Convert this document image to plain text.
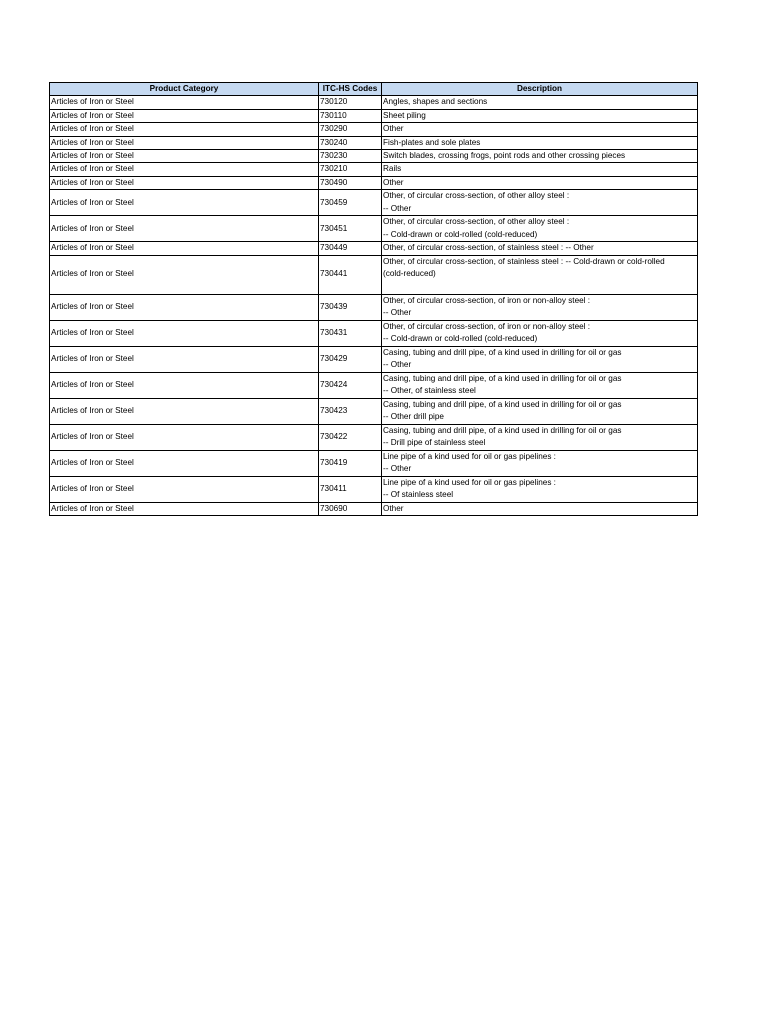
Product Category	ITC-HS Codes	Description
Articles of Iron or Steel	730120	Angles, shapes and sections

Articles of Iron or Steel	730110	Sheet piling

Articles of Iron or Steel	730290	Other

Articles of Iron or Steel	730240	Fish-plates and sole plates

Articles of Iron or Steel	730230	Switch blades, crossing frogs, point rods and other crossing pieces

Articles of Iron or Steel	730210	Rails

Articles of Iron or Steel	730490	Other

Articles of Iron or Steel	730459	Other, of circular cross-section, of other alloy steel :
-- Other

Articles of Iron or Steel	730451	Other, of circular cross-section, of other alloy steel :
-- Cold-drawn or cold-rolled (cold-reduced)

Articles of Iron or Steel	730449	Other, of circular cross-section, of stainless steel : -- Other

Articles of Iron or Steel	730441	Other, of circular cross-section, of stainless steel : -- Cold-drawn or cold-rolled
(cold-reduced)

Articles of Iron or Steel	730439	Other, of circular cross-section, of iron or non-alloy steel :
-- Other

Articles of Iron or Steel	730431	Other, of circular cross-section, of iron or non-alloy steel :
-- Cold-drawn or cold-rolled (cold-reduced)

Articles of Iron or Steel	730429	Casing, tubing and drill pipe, of a kind used in drilling for oil or gas
-- Other

Articles of Iron or Steel	730424	Casing, tubing and drill pipe, of a kind used in drilling for oil or gas
-- Other, of stainless steel

Articles of Iron or Steel	730423	Casing, tubing and drill pipe, of a kind used in drilling for oil or gas
-- Other drill pipe

Articles of Iron or Steel	730422	Casing, tubing and drill pipe, of a kind used in drilling for oil or gas
-- Drill pipe of stainless steel

Articles of Iron or Steel	730419	Line pipe of a kind used for oil or gas pipelines :
-- Other

Articles of Iron or Steel	730411	Line pipe of a kind used for oil or gas pipelines :
-- Of stainless steel

Articles of Iron or Steel	730690	Other
